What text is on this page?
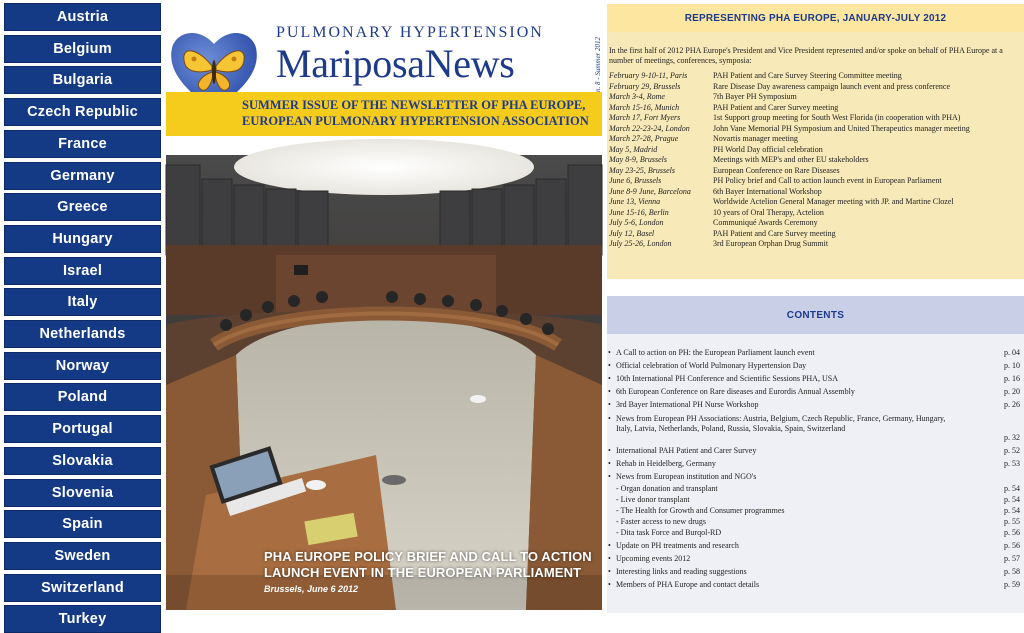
Austria
Belgium
Bulgaria
Czech Republic
France
Germany
Greece
Hungary
Israel
Italy
Netherlands
Norway
Poland
Portugal
Slovakia
Slovenia
Spain
Sweden
Switzerland
Turkey
PULMONARY HYPERTENSION
MariposaNews	n. 8 - Summer 2012
SUMMER ISSUE OF THE NEWSLETTER OF PHA EUROPE,
EUROPEAN PULMONARY HYPERTENSION ASSOCIATION
PHA EUROPE POLICY BRIEF AND CALL TO ACTION
LAUNCH EVENT IN THE EUROPEAN PARLIAMENT
Brussels, June 6 2012
REPRESENTING PHA EUROPE, JANUARY-JULY 2012
In the first half of 2012 PHA Europe's President and Vice President represented and/or spoke on behalf of PHA Europe at a number of meetings, conferences, symposia:
February 9-10-11, Paris	PAH Patient and Care Survey Steering Committee meeting
February 29, Brussels	Rare Disease Day awareness campaign launch event and press conference
March 3-4, Rome	7th Bayer PH Symposium
March 15-16, Munich	PAH Patient and Carer Survey meeting
March 17, Fort Myers	1st Support group meeting for South West Florida (in cooperation with PHA)
March 22-23-24, London	John Vane Memorial PH Symposium and United Therapeutics manager meeting
March 27-28, Prague	Novartis manager meeting
May 5, Madrid	PH World Day official celebration
May 8-9, Brussels	Meetings with MEP's and other EU stakeholders
May 23-25, Brussels	European Conference on Rare Diseases
June 6, Brussels	PH Policy brief and Call to action launch event in European Parliament
June 8-9 June, Barcelona	6th Bayer International Workshop
June 13, Vienna	Worldwide Actelion General Manager meeting with JP. and Martine Clozel
June 15-16, Berlin	10 years of Oral Therapy, Actelion
July 5-6, London	Communiqué Awards Ceremony
July 12, Basel	PAH Patient and Care Survey meeting
July 25-26, London	3rd European Orphan Drug Summit
CONTENTS
• A Call to action on PH: the European Parliament launch event	p. 04
• Official celebration of World Pulmonary Hypertension Day	p. 10
• 10th International PH Conference and Scientific Sessions PHA, USA	p. 16
• 6th European Conference on Rare diseases and Eurordis Annual Assembly	p. 20
• 3rd Bayer International PH Nurse Workshop	p. 26
• News from European PH Associations: Austria, Belgium, Czech Republic, France, Germany, Hungary, Italy, Latvia, Netherlands, Poland, Russia, Slovakia, Spain, Switzerland
p. 32
• International PAH Patient and Carer Survey	p. 52
• Rehab in Heidelberg, Germany	p. 53
• News from European institution and NGO's
- Organ donation and transplant	p. 54
- Live donor transplant	p. 54
- The Health for Growth and Consumer programmes	p. 54
- Faster access to new drugs	p. 55
- Dita task Force and Burqol-RD	p. 56
• Update on PH treatments and research	p. 56
• Upcoming events 2012	p. 57
• Interesting links and reading suggestions	p. 58
• Members of PHA Europe and contact details	p. 59
